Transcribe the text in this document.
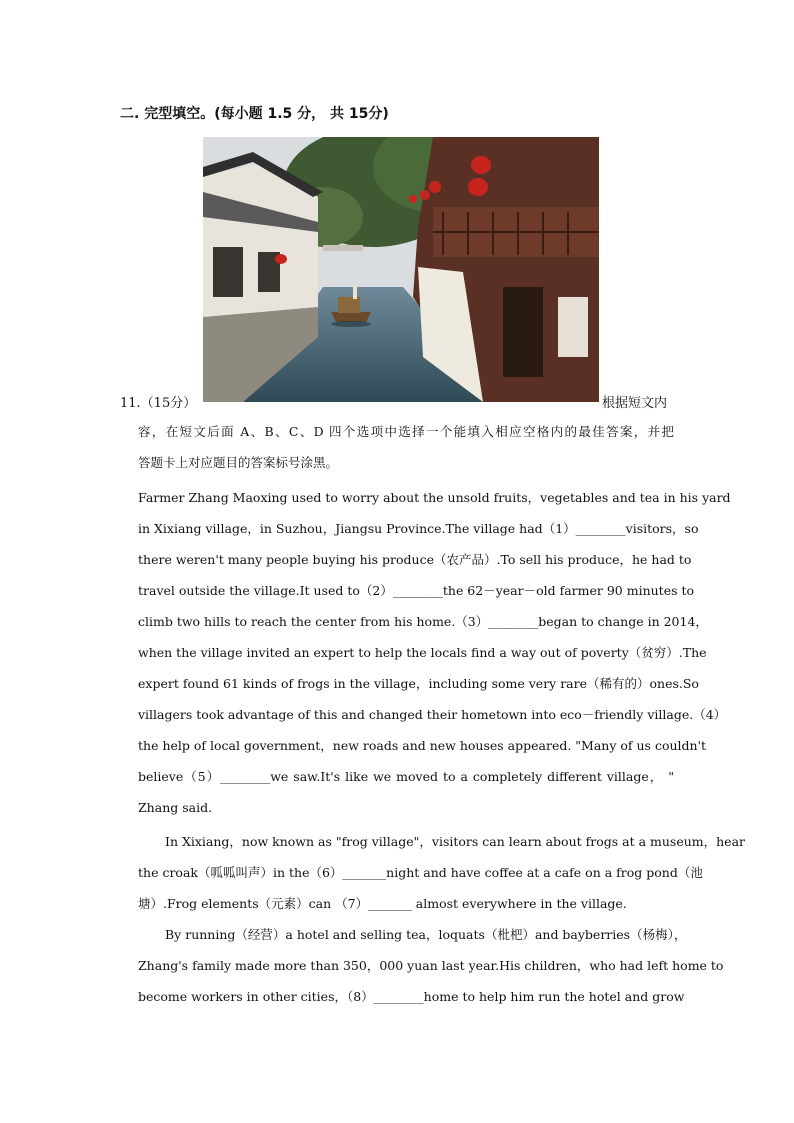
二. 完型填空。(每小题 1.5 分， 共 15分)
11.（15分）	根据短文内
容，在短文后面 A、B、C、D 四个选项中选择一个能填入相应空格内的最佳答案，并把
答题卡上对应题目的答案标号涂黑。
Farmer Zhang Maoxing used to worry about the unsold fruits，vegetables and tea in his yard
in Xixiang village，in Suzhou，Jiangsu Province.The village had（1）________visitors，so
there weren't many people buying his produce（农产品）.To sell his produce，he had to
travel outside the village.It used to（2）________the 62－year－old farmer 90 minutes to
climb two hills to reach the center from his home.（3）________began to change in 2014，
when the village invited an expert to help the locals find a way out of poverty（贫穷）.The
expert found 61 kinds of frogs in the village，including some very rare（稀有的）ones.So
villagers took advantage of this and changed their hometown into eco－friendly village.（4）
the help of local government，new roads and new houses appeared. "Many of us couldn't
believe（5）________we saw.It's like we moved to a completely different village， "
Zhang said.
In Xixiang，now known as "frog village"，visitors can learn about frogs at a museum，hear
the croak（呱呱叫声）in the（6）_______night and have coffee at a cafe on a frog pond（池
塘）.Frog elements（元素）can （7）_______ almost everywhere in the village.
By running（经营）a hotel and selling tea，loquats（枇杷）and bayberries（杨梅），
Zhang's family made more than 350，000 yuan last year.His children，who had left home to
become workers in other cities，（8）________home to help him run the hotel and grow
